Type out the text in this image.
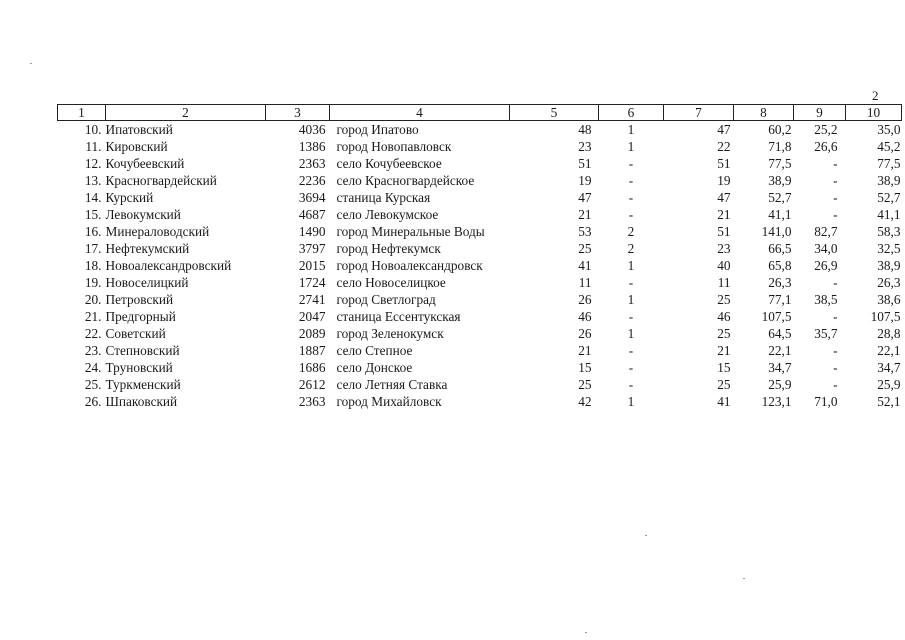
2
1	2	3	4	5	6	7	8	9	10
10.	Ипатовский	4036	город Ипатово	48	1	47	60,2	25,2	35,0
11.	Кировский	1386	город Новопавловск	23	1	22	71,8	26,6	45,2
12.	Кочубеевский	2363	село Кочубеевское	51	-	51	77,5	-	77,5
13.	Красногвардейский	2236	село Красногвардейское	19	-	19	38,9	-	38,9
14.	Курский	3694	станица Курская	47	-	47	52,7	-	52,7
15.	Левокумский	4687	село Левокумское	21	-	21	41,1	-	41,1
16.	Минераловодский	1490	город Минеральные Воды	53	2	51	141,0	82,7	58,3
17.	Нефтекумский	3797	город Нефтекумск	25	2	23	66,5	34,0	32,5
18.	Новоалександровский	2015	город Новоалександровск	41	1	40	65,8	26,9	38,9
19.	Новоселицкий	1724	село Новоселицкое	11	-	11	26,3	-	26,3
20.	Петровский	2741	город Светлоград	26	1	25	77,1	38,5	38,6
21.	Предгорный	2047	станица Ессентукская	46	-	46	107,5	-	107,5
22.	Советский	2089	город Зеленокумск	26	1	25	64,5	35,7	28,8
23.	Степновский	1887	село Степное	21	-	21	22,1	-	22,1
24.	Труновский	1686	село Донское	15	-	15	34,7	-	34,7
25.	Туркменский	2612	село Летняя Ставка	25	-	25	25,9	-	25,9
26.	Шпаковский	2363	город Михайловск	42	1	41	123,1	71,0	52,1
